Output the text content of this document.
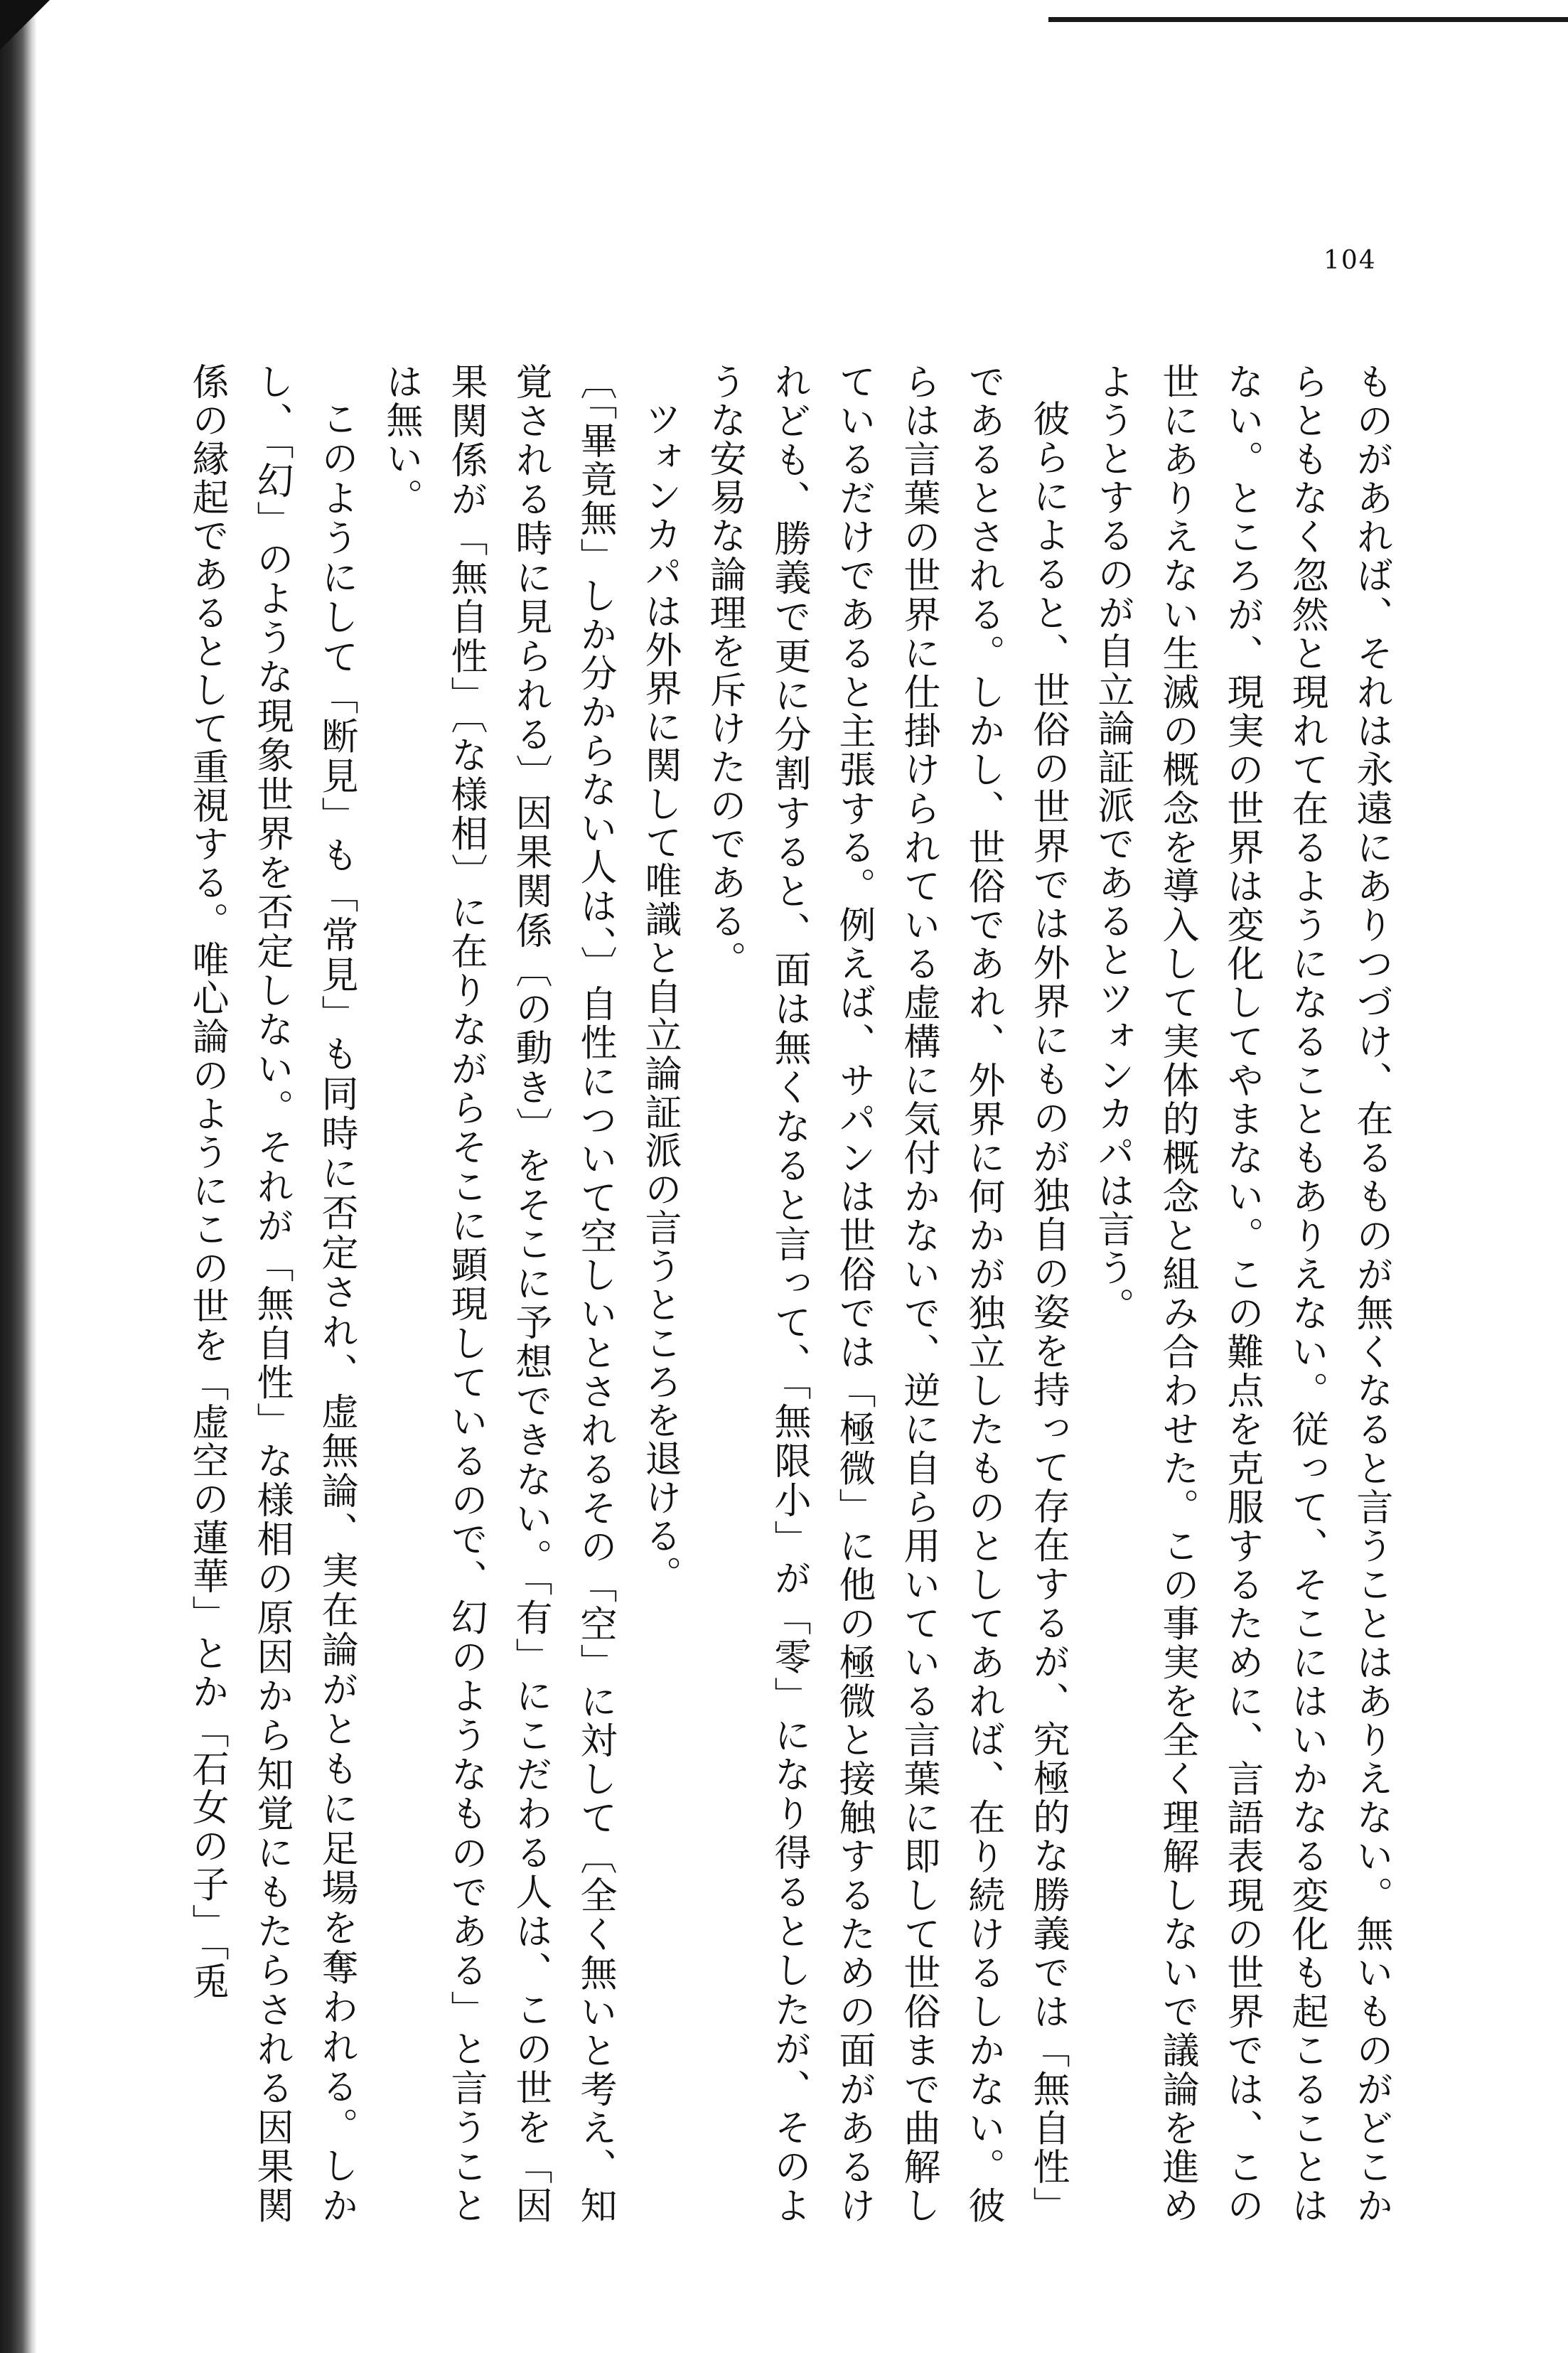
104

ものがあれば、それは永遠にありつづけ、在るものが無くなると言うことはありえない。無いものがどこからともなく忽然と現れて在るようになることもありえない。従って、そこにはいかなる変化も起こることはない。ところが、現実の世界は変化してやまない。この難点を克服するために、言語表現の世界では、この世にありえない生滅の概念を導入して実体的概念と組み合わせた。この事実を全く理解しないで議論を進めようとするのが自立論証派であるとツォンカパは言う。

彼らによると、世俗の世界では外界にものが独自の姿を持って存在するが、究極的な勝義では「無自性」であるとされる。しかし、世俗であれ、外界に何かが独立したものとしてあれば、在り続けるしかない。彼らは言葉の世界に仕掛けられている虚構に気付かないで、逆に自ら用いている言葉に即して世俗まで曲解しているだけであると主張する。例えば、サパンは世俗では「極微」に他の極微と接触するための面があるけれども、勝義で更に分割すると、面は無くなると言って、「無限小」が「零」になり得るとしたが、そのような安易な論理を斥けたのである。

ツォンカパは外界に関して唯識と自立論証派の言うところを退ける。

〔「畢竟無」しか分からない人は、〕自性について空しいとされるその「空」に対して〔全く無いと考え、知覚される時に見られる〕因果関係〔の動き〕をそこに予想できない。「有」にこだわる人は、この世を「因果関係が「無自性」〔な様相〕に在りながらそこに顕現しているので、幻のようなものである」と言うことは無い。

このようにして「断見」も「常見」も同時に否定され、虚無論、実在論がともに足場を奪われる。しかし、「幻」のような現象世界を否定しない。それが「無自性」な様相の原因から知覚にもたらされる因果関係の縁起であるとして重視する。唯心論のようにこの世を「虚空の蓮華」とか「石女の子」「兎
